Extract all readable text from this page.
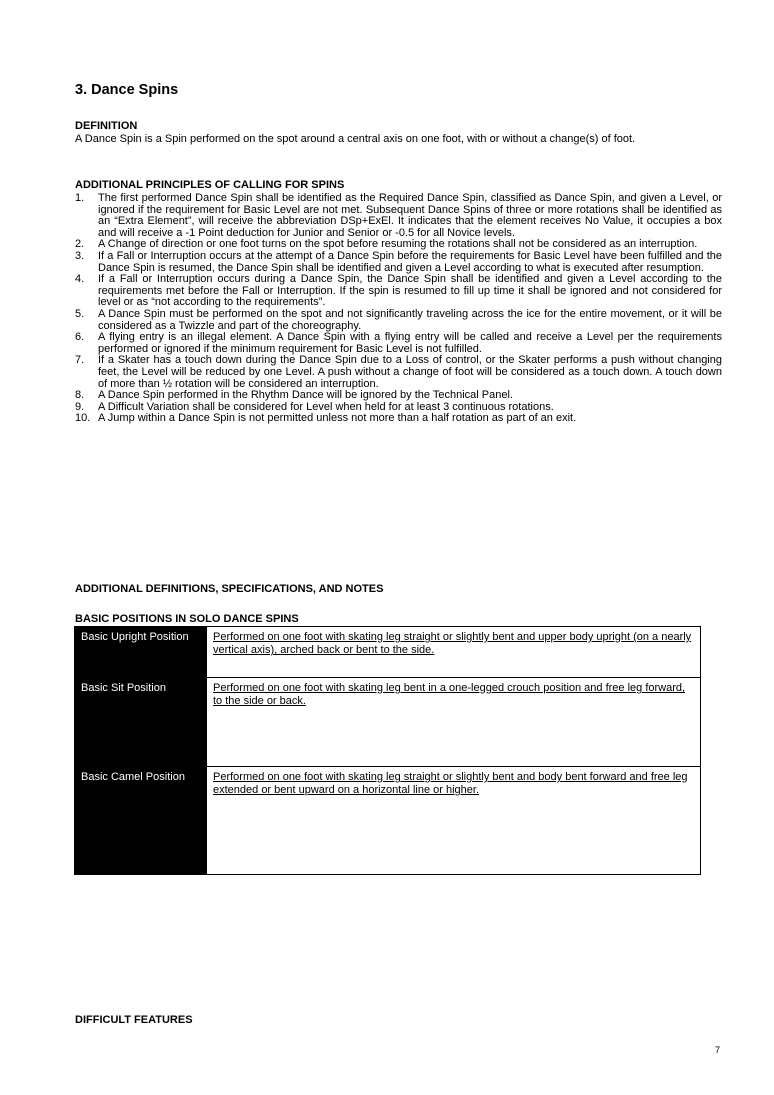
3. Dance Spins
DEFINITION
A Dance Spin is a Spin performed on the spot around a central axis on one foot, with or without a change(s) of foot.
ADDITIONAL PRINCIPLES OF CALLING FOR SPINS
1. The first performed Dance Spin shall be identified as the Required Dance Spin, classified as Dance Spin, and given a Level, or ignored if the requirement for Basic Level are not met. Subsequent Dance Spins of three or more rotations shall be identified as an “Extra Element”, will receive the abbreviation DSp+ExEl. It indicates that the element receives No Value, it occupies a box and will receive a -1 Point deduction for Junior and Senior or -0.5 for all Novice levels.
2. A Change of direction or one foot turns on the spot before resuming the rotations shall not be considered as an interruption.
3. If a Fall or Interruption occurs at the attempt of a Dance Spin before the requirements for Basic Level have been fulfilled and the Dance Spin is resumed, the Dance Spin shall be identified and given a Level according to what is executed after resumption.
4. If a Fall or Interruption occurs during a Dance Spin, the Dance Spin shall be identified and given a Level according to the requirements met before the Fall or Interruption. If the spin is resumed to fill up time it shall be ignored and not considered for level or as “not according to the requirements”.
5. A Dance Spin must be performed on the spot and not significantly traveling across the ice for the entire movement, or it will be considered as a Twizzle and part of the choreography.
6. A flying entry is an illegal element. A Dance Spin with a flying entry will be called and receive a Level per the requirements performed or ignored if the minimum requirement for Basic Level is not fulfilled.
7. If a Skater has a touch down during the Dance Spin due to a Loss of control, or the Skater performs a push without changing feet, the Level will be reduced by one Level. A push without a change of foot will be considered as a touch down. A touch down of more than ½ rotation will be considered an interruption.
8. A Dance Spin performed in the Rhythm Dance will be ignored by the Technical Panel.
9. A Difficult Variation shall be considered for Level when held for at least 3 continuous rotations.
10. A Jump within a Dance Spin is not permitted unless not more than a half rotation as part of an exit.
ADDITIONAL DEFINITIONS, SPECIFICATIONS, AND NOTES
BASIC POSITIONS IN SOLO DANCE SPINS
Basic Upright Position	Performed on one foot with skating leg straight or slightly bent and upper body upright (on a nearly vertical axis), arched back or bent to the side.
Basic Sit Position	Performed on one foot with skating leg bent in a one-legged crouch position and free leg forward, to the side or back.
Basic Camel Position	Performed on one foot with skating leg straight or slightly bent and body bent forward and free leg extended or bent upward on a horizontal line or higher.
DIFFICULT FEATURES
7
